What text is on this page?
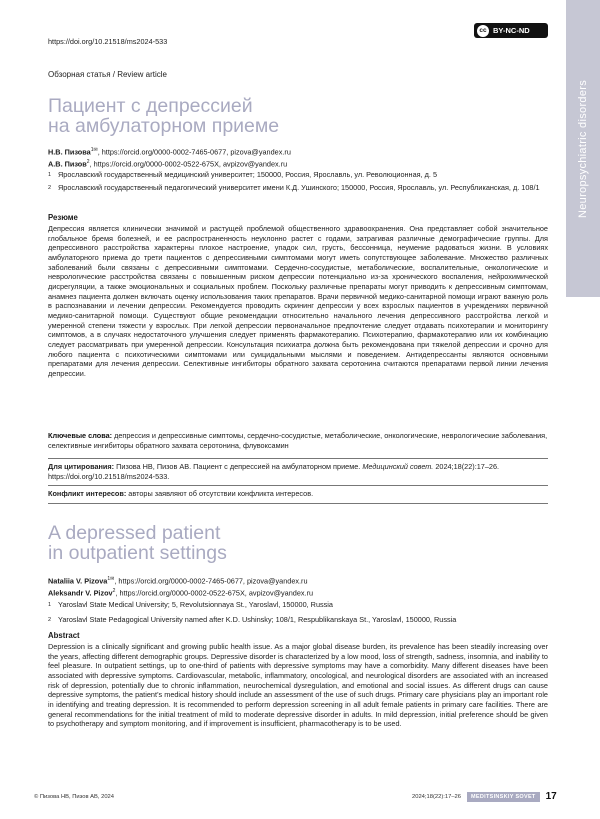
https://doi.org/10.21518/ms2024-533
cc BY-NC-ND
Neuropsychiatric disorders
Обзорная статья / Review article
Пациент с депрессией
на амбулаторном приеме
Н.В. Пизова$^{1✉}$, https://orcid.org/0000-0002-7465-0677, pizova@yandex.ru
А.В. Пизов$^2$, https://orcid.org/0000-0002-0522-675X, avpizov@yandex.ru
1 Ярославский государственный медицинский университет; 150000, Россия, Ярославль, ул. Революционная, д. 5
2 Ярославский государственный педагогический университет имени К.Д. Ушинского; 150000, Россия, Ярославль, ул. Республиканская, д. 108/1
Резюме

Депрессия является клинически значимой и растущей проблемой общественного здравоохранения. Она представляет собой значительное глобальное бремя болезней, и ее распространенность неуклонно растет с годами, затрагивая различные демографические группы. Для депрессивного расстройства характерны плохое настроение, упадок сил, грусть, бессонница, неумение радоваться жизни. В условиях амбулаторного приема до трети пациентов с депрессивными симптомами могут иметь сопутствующее заболевание. Множество различных заболеваний были связаны с депрессивными симптомами. Сердечно-сосудистые, метаболические, воспалительные, онкологические и неврологические расстройства связаны с повышенным риском депрессии потенциально из-за хронического воспаления, нейрохимической дисрегуляции, а также эмоциональных и социальных проблем. Поскольку различные препараты могут приводить к депрессивным симптомам, анамнез пациента должен включать оценку использования таких препаратов. Врачи первичной медико-санитарной помощи играют важную роль в распознавании и лечении депрессии. Рекомендуется проводить скрининг депрессии у всех взрослых пациентов в учреждениях первичной медико-санитарной помощи. Существуют общие рекомендации относительно начального лечения депрессивного расстройства легкой и умеренной степени тяжести у взрослых. При легкой депрессии первоначальное предпочтение следует отдавать психотерапии и мониторингу симптомов, а в случаях недостаточного улучшения следует применять фармакотерапию. Психотерапию, фармакотерапию или их комбинацию следует рассматривать при умеренной депрессии. Консультация психиатра должна быть рекомендована при тяжелой депрессии и срочно для любого пациента с психотическими симптомами или суицидальными мыслями и поведением. Антидепрессанты являются основными препаратами для лечения депрессии. Селективные ингибиторы обратного захвата серотонина считаются препаратами первой линии лечения депрессии.

Ключевые слова: депрессия и депрессивные симптомы, сердечно-сосудистые, метаболические, онкологические, неврологические заболевания, селективные ингибиторы обратного захвата серотонина, флувоксамин
Для цитирования: Пизова НВ, Пизов АВ. Пациент с депрессией на амбулаторном приеме. Медицинский совет. 2024;18(22):17–26. https://doi.org/10.21518/ms2024-533.
Конфликт интересов: авторы заявляют об отсутствии конфликта интересов.
A depressed patient
in outpatient settings
Nataliia V. Pizova$^{1✉}$, https://orcid.org/0000-0002-7465-0677, pizova@yandex.ru
Aleksandr V. Pizov$^2$, https://orcid.org/0000-0002-0522-675X, avpizov@yandex.ru
1 Yaroslavl State Medical University; 5, Revolutsionnaya St., Yaroslavl, 150000, Russia
2 Yaroslavl State Pedagogical University named after K.D. Ushinsky; 108/1, Respublikanskaya St., Yaroslavl, 150000, Russia
Abstract

Depression is a clinically significant and growing public health issue. As a major global disease burden, its prevalence has been steadily increasing over the years, affecting different demographic groups. Depressive disorder is characterized by a low mood, loss of strength, sadness, insomnia, and inability to feel pleasure. In outpatient settings, up to one-third of patients with depressive symptoms may have a comorbidity. Many different diseases have been associated with depressive symptoms. Cardiovascular, metabolic, inflammatory, oncological, and neurological disorders are associated with an increased risk of depression, potentially due to chronic inflammation, neurochemical dysregulation, and emotional and social issues. As different drugs can cause depressive symptoms, the patient’s medical history should include an assessment of the use of such drugs. Primary care physicians play an important role in identifying and treating depression. It is recommended to perform depression screening in all adult female patients in primary care facilities. There are general recommendations for the initial treatment of mild to moderate depressive disorder in adults. In mild depression, initial preference should be given to psychotherapy and symptom monitoring, and if improvement is insufficient, pharmacotherapy is to be used.

© Пизова НВ, Пизов АВ, 2024	2024;18(22):17–26	MEDITSINSKIY SOVET	17
